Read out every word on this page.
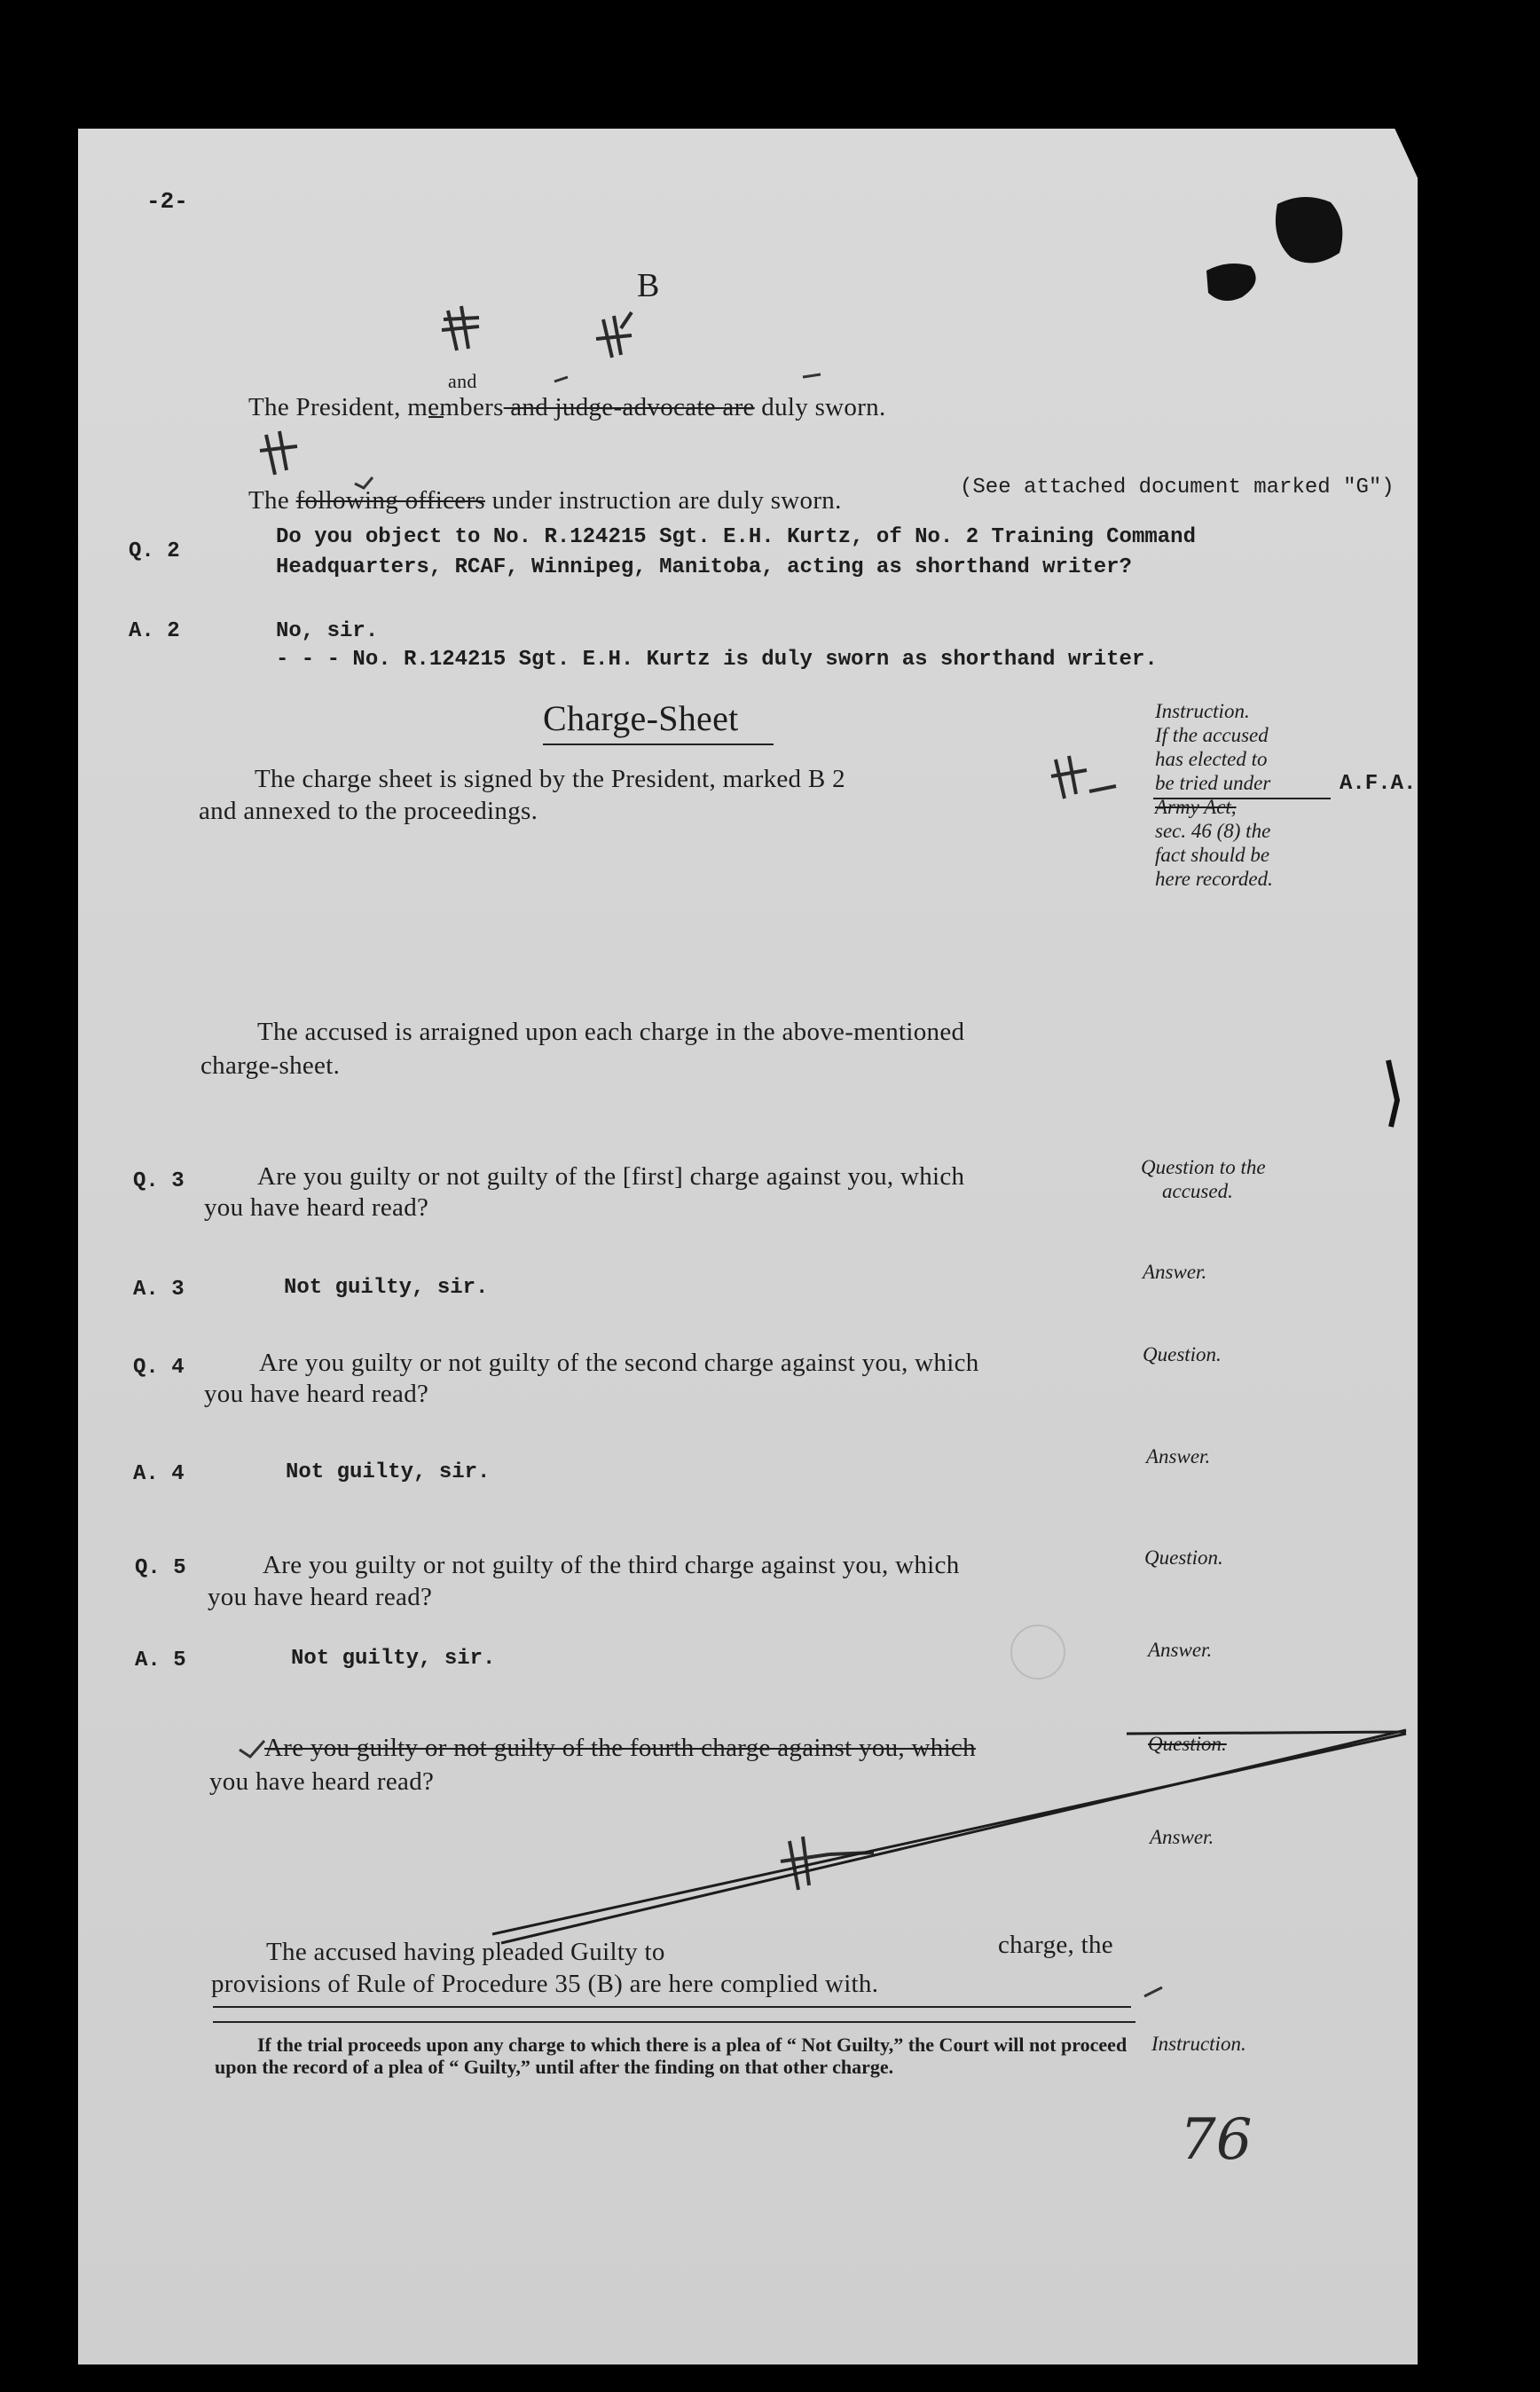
-2-
B
and
The President, members and judge-advocate are duly sworn.
The following officers under instruction are duly sworn.	(See attached document marked "G")
Q. 2
Do you object to No. R.124215 Sgt. E.H. Kurtz, of No. 2 Training Command
Headquarters, RCAF, Winnipeg, Manitoba, acting as shorthand writer?
A. 2	No, sir.
- - - No. R.124215 Sgt. E.H. Kurtz is duly sworn as shorthand writer.
Charge-Sheet
The charge sheet is signed by the President, marked B 2
and annexed to the proceedings.
Instruction.
If the accused
has elected to
be tried under
Army Act,
sec. 46 (8) the
fact should be
here recorded.
A.F.A.
The accused is arraigned upon each charge in the above-mentioned
charge-sheet.
Q. 3	Are you guilty or not guilty of the [first] charge against you, which
you have heard read?
Question to the
accused.
A. 3	Not guilty, sir.
Answer.
Q. 4	Are you guilty or not guilty of the second charge against you, which
you have heard read?
Question.
A. 4	Not guilty, sir.
Answer.
Q. 5	Are you guilty or not guilty of the third charge against you, which
you have heard read?
Question.
A. 5	Not guilty, sir.	Answer.
Are you guilty or not guilty of the fourth charge against you, which
you have heard read?
Question.
Answer.
The accused having pleaded Guilty to	charge, the
provisions of Rule of Procedure 35 (B) are here complied with.
If the trial proceeds upon any charge to which there is a plea of “ Not Guilty,” the Court will not proceed upon the record of a plea of “ Guilty,” until after the finding on that other charge.
Instruction.
76
